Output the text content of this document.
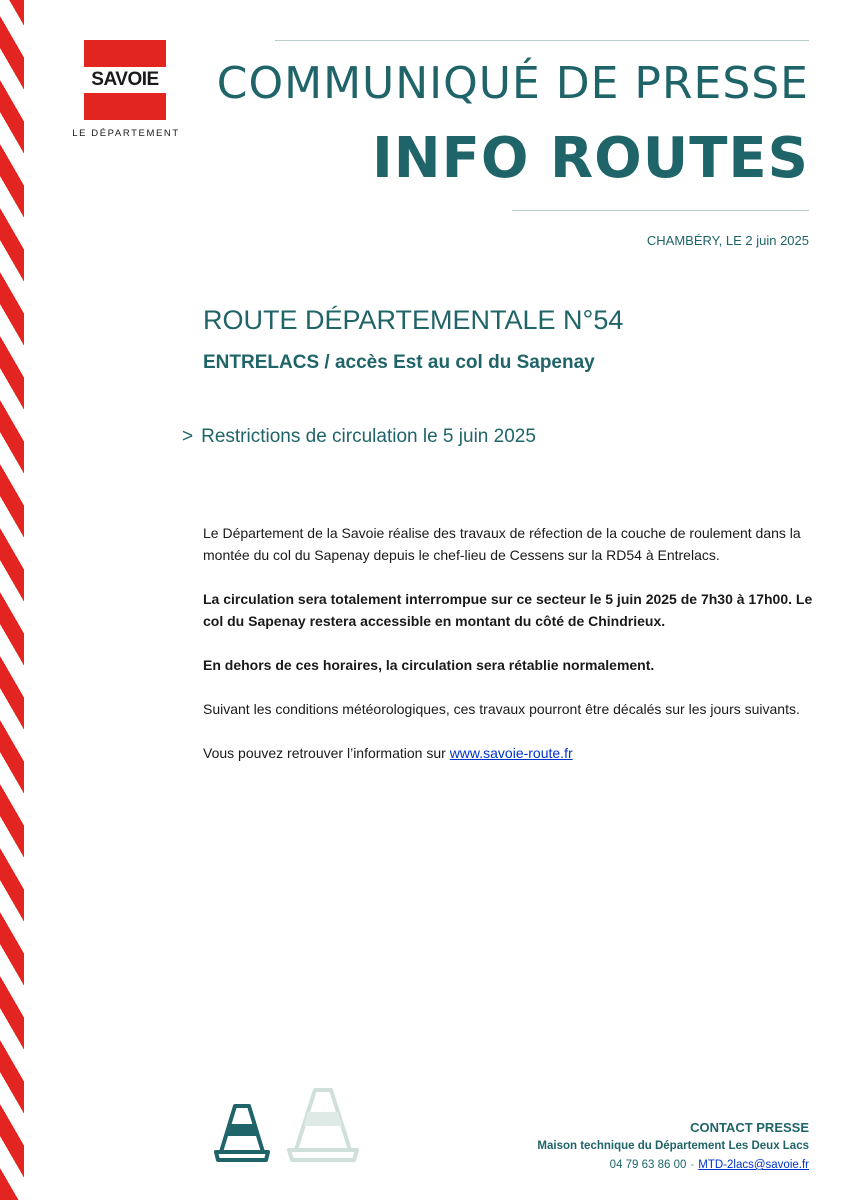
SAVOIE
LE DÉPARTEMENT
COMMUNIQUÉ DE PRESSE
INFO ROUTES
CHAMBÉRY, LE 2 juin 2025
ROUTE DÉPARTEMENTALE N°54
ENTRELACS / accès Est au col du Sapenay
> Restrictions de circulation le 5 juin 2025
Le Département de la Savoie réalise des travaux de réfection de la couche de roulement dans la montée du col du Sapenay depuis le chef-lieu de Cessens sur la RD54 à Entrelacs.
La circulation sera totalement interrompue sur ce secteur le 5 juin 2025 de 7h30 à 17h00. Le col du Sapenay restera accessible en montant du côté de Chindrieux.
En dehors de ces horaires, la circulation sera rétablie normalement.
Suivant les conditions météorologiques, ces travaux pourront être décalés sur les jours suivants.
Vous pouvez retrouver l’information sur www.savoie-route.fr
CONTACT PRESSE
Maison technique du Département Les Deux Lacs
04 79 63 86 00 - MTD-2lacs@savoie.fr
